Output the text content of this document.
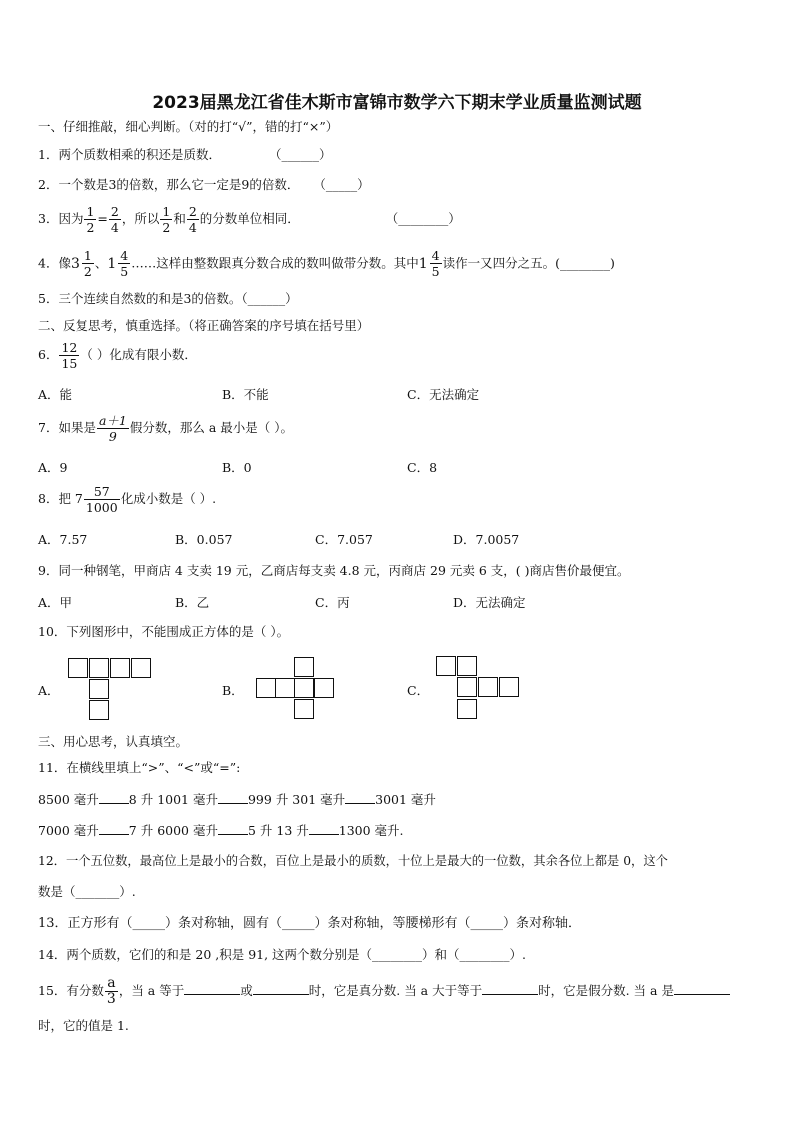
2023届黑龙江省佳木斯市富锦市数学六下期末学业质量监测试题
一、仔细推敲，细心判断。（对的打“√”，错的打“×”）
1．两个质数相乘的积还是质数．	（______）
2．一个数是3的倍数，那么它一定是9的倍数． （_____）
3．因为 $\frac{1}{2} = \frac{2}{4}$ ，所以 $\frac{1}{2}$ 和 $\frac{2}{4}$ 的分数单位相同．	（________）
4．像 $3 \frac{1}{2}$ 、 $1 \frac{4}{5}$ ……这样由整数跟真分数合成的数叫做带分数。其中 $1 \frac{4}{5}$ 读作一又四分之五。(________)
5．三个连续自然数的和是3的倍数。（______）
二、反复思考，慎重选择。（将正确答案的序号填在括号里）
6． $\frac{12}{15}$ （ ）化成有限小数．
A．能	B．不能	C．无法确定
7．如果是 $\frac{a+1}{9}$ 假分数，那么 a 最小是（ ）。
A．9	B．0	C．8
8．把 $7 \frac{57}{1000}$ 化成小数是（ ）.
A．7.57	B．0.057	C．7.057	D．7.0057
9．同一种钢笔，甲商店 4 支卖 19 元，乙商店每支卖 4.8 元，丙商店 29 元卖 6 支，( )商店售价最便宜。
A．甲	B．乙	C．丙	D．无法确定
10．下列图形中，不能围成正方体的是（ ）。
A．	B．	C．
三、用心思考，认真填空。
11．在横线里填上“>”、“<”或“=”:
8500 毫升 8 升 1001 毫升 999 升 301 毫升 3001 毫升
7000 毫升 7 升 6000 毫升 5 升 13 升 1300 毫升.
12．一个五位数，最高位上是最小的合数，百位上是最小的质数，十位上是最大的一位数，其余各位上都是 0，这个
数是（_______）.
13．正方形有（_____）条对称轴，圆有（_____）条对称轴，等腰梯形有（_____）条对称轴．
14．两个质数，它们的和是 20 ,积是 91, 这两个数分别是（________）和（________）.
15．有分数 $\frac{a}{3}$ ，当 a 等于	或	时，它是真分数. 当 a 大于等于	时，它是假分数. 当 a 是
时，它的值是 1.
